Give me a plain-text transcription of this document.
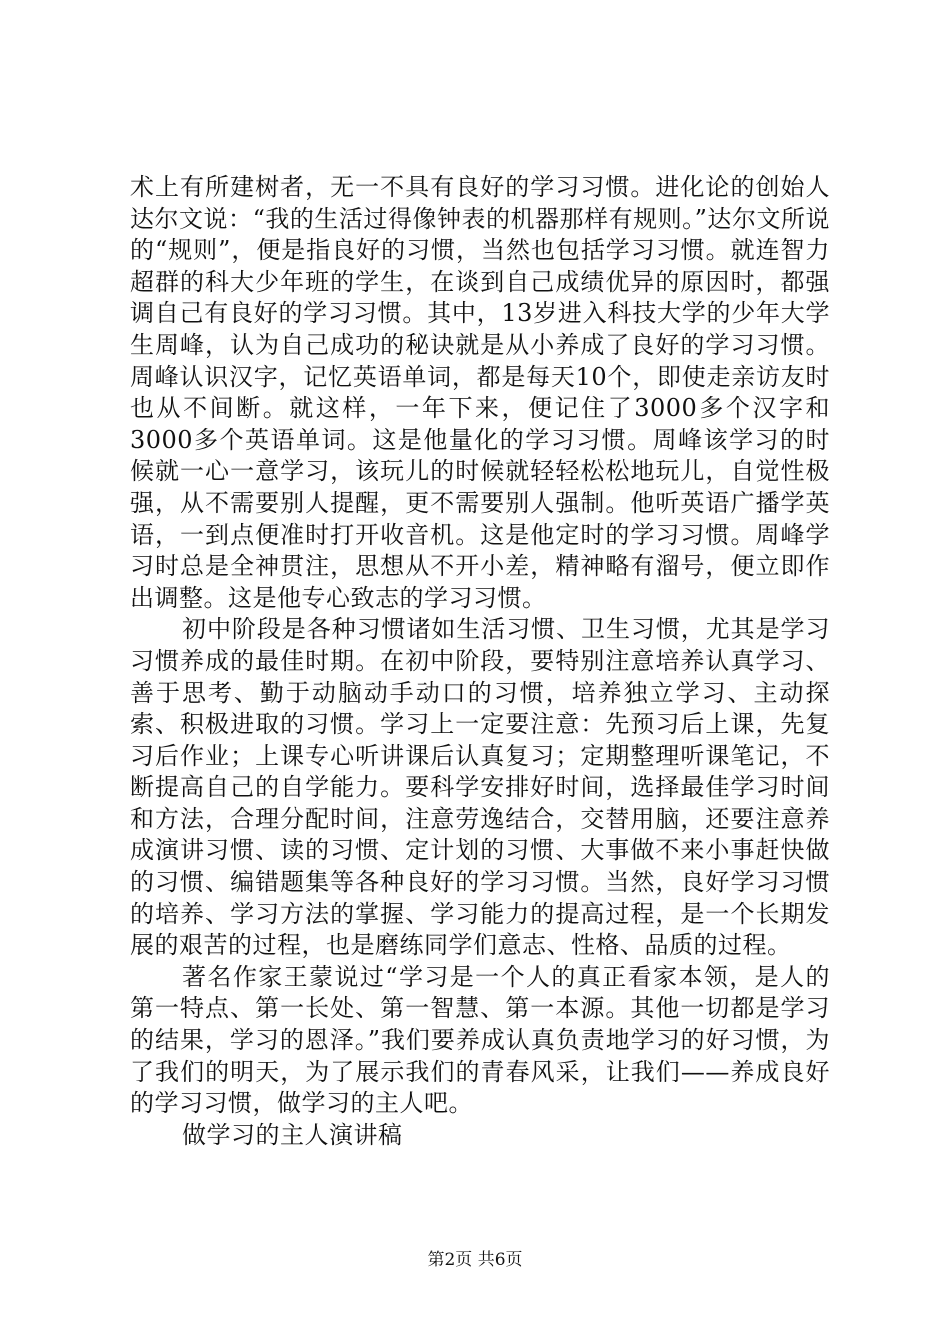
术上有所建树者，无一不具有良好的学习习惯。进化论的创始人达尔文说：“我的生活过得像钟表的机器那样有规则。”达尔文所说的“规则”，便是指良好的习惯，当然也包括学习习惯。就连智力超群的科大少年班的学生，在谈到自己成绩优异的原因时，都强调自己有良好的学习习惯。其中，13岁进入科技大学的少年大学生周峰，认为自己成功的秘诀就是从小养成了良好的学习习惯。周峰认识汉字，记忆英语单词，都是每天10个，即使走亲访友时也从不间断。就这样，一年下来，便记住了3000多个汉字和3000多个英语单词。这是他量化的学习习惯。周峰该学习的时候就一心一意学习，该玩儿的时候就轻轻松松地玩儿，自觉性极强，从不需要别人提醒，更不需要别人强制。他听英语广播学英语，一到点便准时打开收音机。这是他定时的学习习惯。周峰学习时总是全神贯注，思想从不开小差，精神略有溜号，便立即作出调整。这是他专心致志的学习习惯。

初中阶段是各种习惯诸如生活习惯、卫生习惯，尤其是学习习惯养成的最佳时期。在初中阶段，要特别注意培养认真学习、善于思考、勤于动脑动手动口的习惯，培养独立学习、主动探索、积极进取的习惯。学习上一定要注意：先预习后上课，先复习后作业；上课专心听讲课后认真复习；定期整理听课笔记，不断提高自己的自学能力。要科学安排好时间，选择最佳学习时间和方法，合理分配时间，注意劳逸结合，交替用脑，还要注意养成演讲习惯、读的习惯、定计划的习惯、大事做不来小事赶快做的习惯、编错题集等各种良好的学习习惯。当然，良好学习习惯的培养、学习方法的掌握、学习能力的提高过程，是一个长期发展的艰苦的过程，也是磨练同学们意志、性格、品质的过程。

著名作家王蒙说过“学习是一个人的真正看家本领，是人的第一特点、第一长处、第一智慧、第一本源。其他一切都是学习的结果，学习的恩泽。”我们要养成认真负责地学习的好习惯，为了我们的明天，为了展示我们的青春风采，让我们——养成良好的学习习惯，做学习的主人吧。

做学习的主人演讲稿

第2页 共6页
